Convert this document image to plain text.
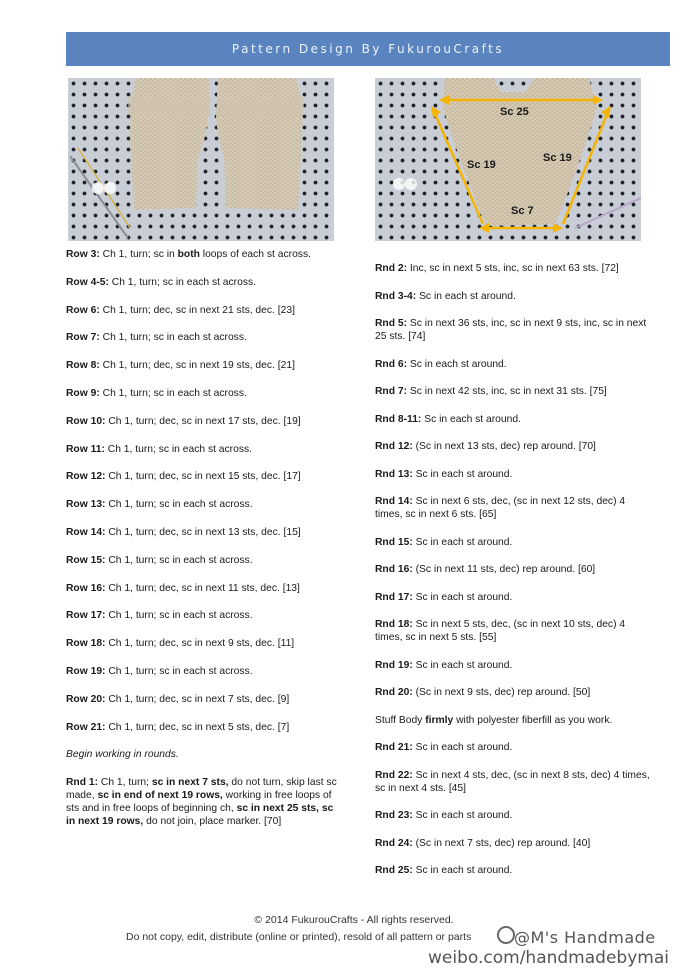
Pattern Design By FukurouCrafts
Sc 25
Sc 19
Sc 19
Sc 7

Row 3: Ch 1, turn; sc in both loops of each st across.

Row 4-5: Ch 1, turn; sc in each st across.

Row 6: Ch 1, turn; dec, sc in next 21 sts, dec. [23]

Row 7: Ch 1, turn; sc in each st across.

Row 8: Ch 1, turn; dec, sc in next 19 sts, dec. [21]

Row 9: Ch 1, turn; sc in each st across.

Row 10: Ch 1, turn; dec, sc in next 17 sts, dec. [19]

Row 11: Ch 1, turn; sc in each st across.

Row 12: Ch 1, turn; dec, sc in next 15 sts, dec. [17]

Row 13: Ch 1, turn; sc in each st across.

Row 14: Ch 1, turn; dec, sc in next 13 sts, dec. [15]

Row 15: Ch 1, turn; sc in each st across.

Row 16: Ch 1, turn; dec, sc in next 11 sts, dec. [13]

Row 17: Ch 1, turn; sc in each st across.

Row 18: Ch 1, turn; dec, sc in next 9 sts, dec. [11]

Row 19: Ch 1, turn; sc in each st across.

Row 20: Ch 1, turn; dec, sc in next 7 sts, dec. [9]

Row 21: Ch 1, turn; dec, sc in next 5 sts, dec. [7]

Begin working in rounds.

Rnd 1: Ch 1, turn; sc in next 7 sts, do not turn, skip last sc made, sc in end of next 19 rows, working in free loops of sts and in free loops of beginning ch, sc in next 25 sts, sc in next 19 rows, do not join, place marker. [70]

Rnd 2: Inc, sc in next 5 sts, inc, sc in next 63 sts. [72]

Rnd 3-4: Sc in each st around.

Rnd 5: Sc in next 36 sts, inc, sc in next 9 sts, inc, sc in next 25 sts. [74]

Rnd 6: Sc in each st around.

Rnd 7: Sc in next 42 sts, inc, sc in next 31 sts. [75]

Rnd 8-11: Sc in each st around.

Rnd 12: (Sc in next 13 sts, dec) rep around. [70]

Rnd 13: Sc in each st around.

Rnd 14: Sc in next 6 sts, dec, (sc in next 12 sts, dec) 4 times, sc in next 6 sts. [65]

Rnd 15: Sc in each st around.

Rnd 16: (Sc in next 11 sts, dec) rep around. [60]

Rnd 17: Sc in each st around.

Rnd 18: Sc in next 5 sts, dec, (sc in next 10 sts, dec) 4 times, sc in next 5 sts. [55]

Rnd 19: Sc in each st around.

Rnd 20: (Sc in next 9 sts, dec) rep around. [50]

Stuff Body firmly with polyester fiberfill as you work.

Rnd 21: Sc in each st around.

Rnd 22: Sc in next 4 sts, dec, (sc in next 8 sts, dec) 4 times, sc in next 4 sts. [45]

Rnd 23: Sc in each st around.

Rnd 24: (Sc in next 7 sts, dec) rep around. [40]

Rnd 25: Sc in each st around.

© 2014 FukurouCrafts - All rights reserved.
Do not copy, edit, distribute (online or printed), resold of all pattern or parts	@M's Handmade
weibo.com/handmadebymai
